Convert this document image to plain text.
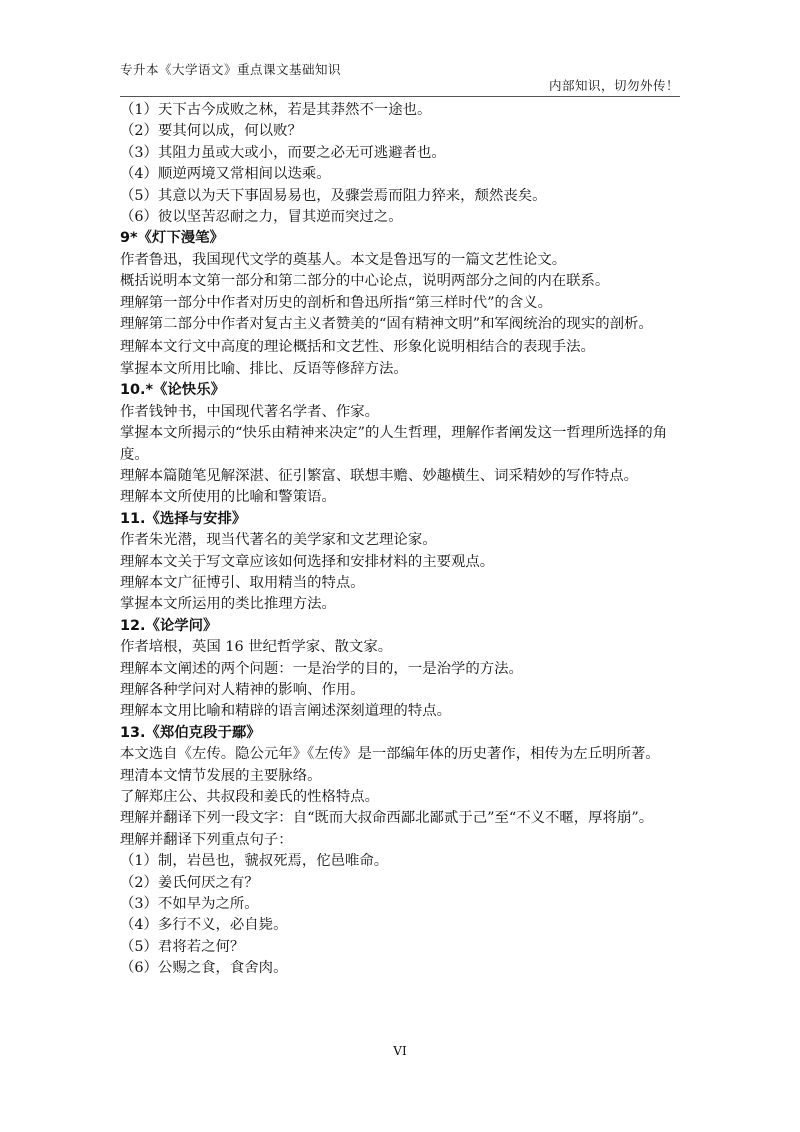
专升本《大学语文》重点课文基础知识
内部知识，切勿外传！
（1）天下古今成败之林，若是其莽然不一途也。
（2）要其何以成，何以败？
（3）其阻力虽或大或小，而要之必无可逃避者也。
（4）顺逆两境又常相间以迭乘。
（5）其意以为天下事固易易也，及骤尝焉而阻力猝来，颓然丧矣。
（6）彼以坚苦忍耐之力，冒其逆而突过之。
9*《灯下漫笔》
作者鲁迅，我国现代文学的奠基人。本文是鲁迅写的一篇文艺性论文。
概括说明本文第一部分和第二部分的中心论点，说明两部分之间的内在联系。
理解第一部分中作者对历史的剖析和鲁迅所指“第三样时代”的含义。
理解第二部分中作者对复古主义者赞美的“固有精神文明”和军阀统治的现实的剖析。
理解本文行文中高度的理论概括和文艺性、形象化说明相结合的表现手法。
掌握本文所用比喻、排比、反语等修辞方法。
10.*《论快乐》
作者钱钟书，中国现代著名学者、作家。
掌握本文所揭示的“快乐由精神来决定”的人生哲理，理解作者阐发这一哲理所选择的角度。
理解本篇随笔见解深湛、征引繁富、联想丰赡、妙趣横生、词采精妙的写作特点。
理解本文所使用的比喻和警策语。
11.《选择与安排》
作者朱光潜，现当代著名的美学家和文艺理论家。
理解本文关于写文章应该如何选择和安排材料的主要观点。
理解本文广征博引、取用精当的特点。
掌握本文所运用的类比推理方法。
12.《论学问》
作者培根，英国 16 世纪哲学家、散文家。
理解本文阐述的两个问题：一是治学的目的，一是治学的方法。
理解各种学问对人精神的影响、作用。
理解本文用比喻和精辟的语言阐述深刻道理的特点。
13.《郑伯克段于鄢》
本文选自《左传。隐公元年》《左传》是一部编年体的历史著作，相传为左丘明所著。
理清本文情节发展的主要脉络。
了解郑庄公、共叔段和姜氏的性格特点。
理解并翻译下列一段文字：自“既而大叔命西鄙北鄙贰于己”至“不义不暱，厚将崩”。
理解并翻译下列重点句子：
（1）制，岩邑也，虢叔死焉，佗邑唯命。
（2）姜氏何厌之有？
（3）不如早为之所。
（4）多行不义，必自毙。
（5）君将若之何？
（6）公赐之食，食舍肉。
VI
